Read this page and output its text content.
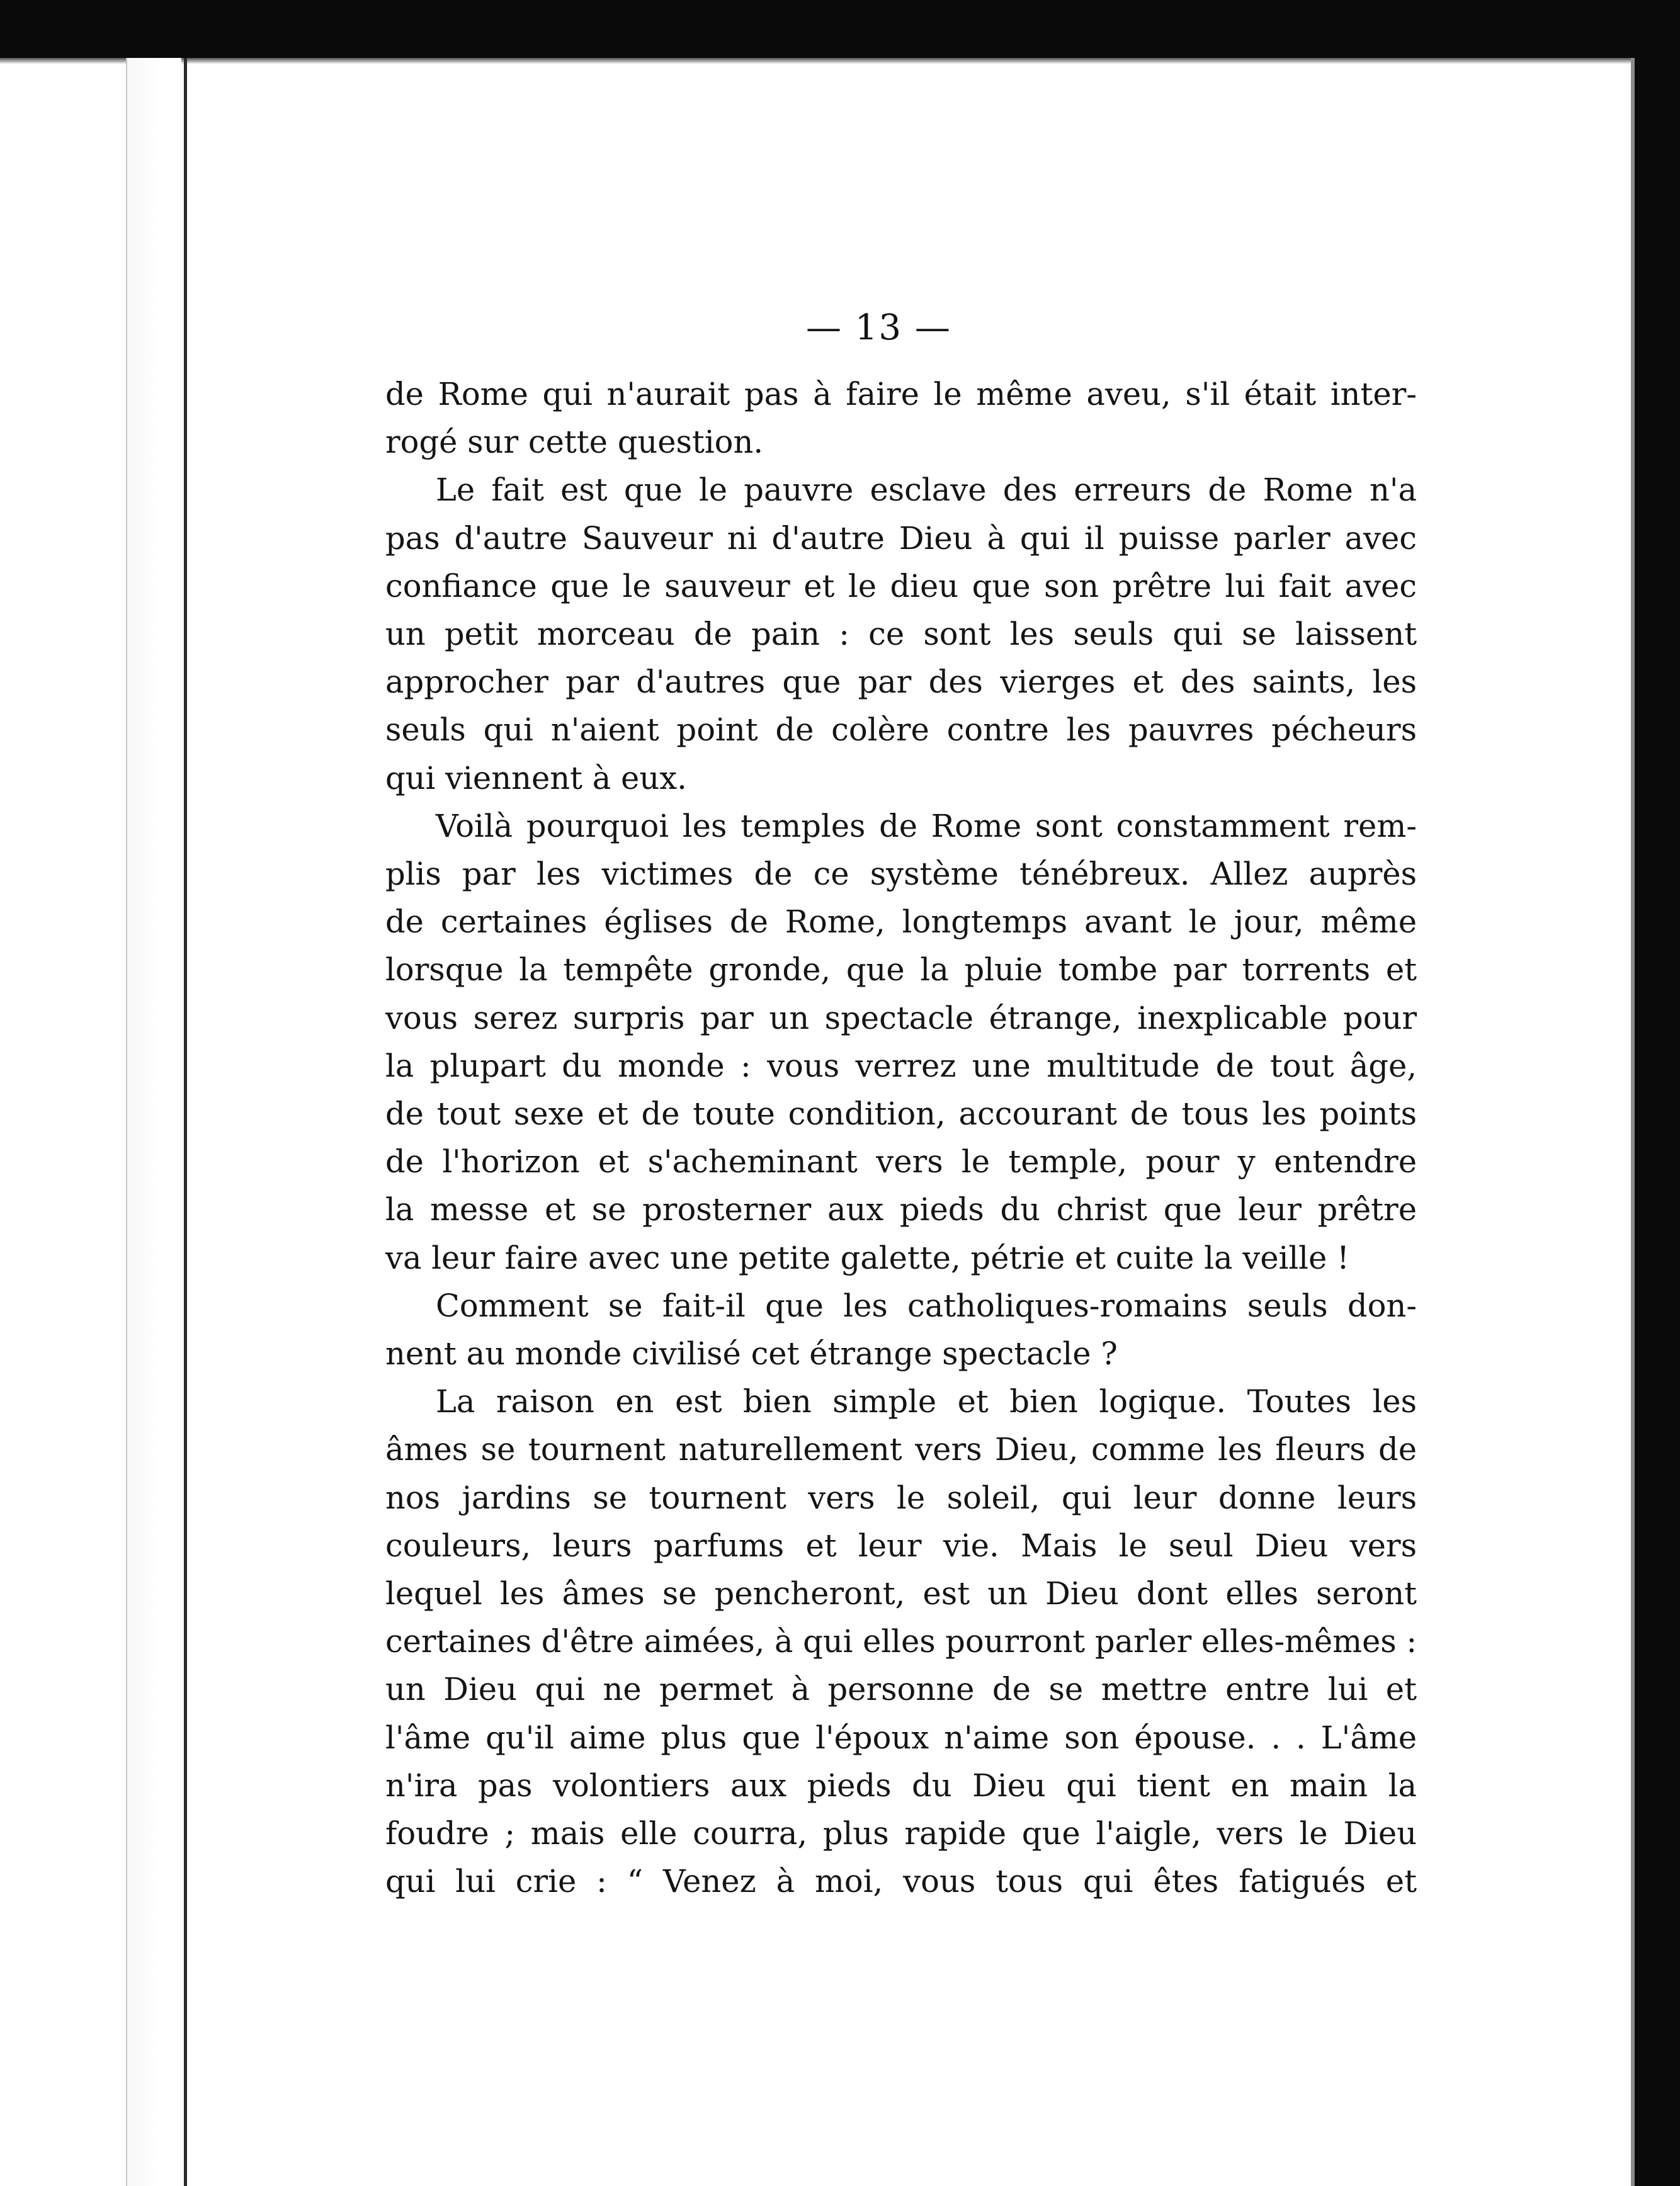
— 13 —
de Rome qui n'aurait pas à faire le même aveu, s'il était inter-
rogé sur cette question.
Le fait est que le pauvre esclave des erreurs de Rome n'a
pas d'autre Sauveur ni d'autre Dieu à qui il puisse parler avec
confiance que le sauveur et le dieu que son prêtre lui fait avec
un petit morceau de pain : ce sont les seuls qui se laissent
approcher par d'autres que par des vierges et des saints, les
seuls qui n'aient point de colère contre les pauvres pécheurs
qui viennent à eux.
Voilà pourquoi les temples de Rome sont constamment rem-
plis par les victimes de ce système ténébreux. Allez auprès
de certaines églises de Rome, longtemps avant le jour, même
lorsque la tempête gronde, que la pluie tombe par torrents et
vous serez surpris par un spectacle étrange, inexplicable pour
la plupart du monde : vous verrez une multitude de tout âge,
de tout sexe et de toute condition, accourant de tous les points
de l'horizon et s'acheminant vers le temple, pour y entendre
la messe et se prosterner aux pieds du christ que leur prêtre
va leur faire avec une petite galette, pétrie et cuite la veille !
Comment se fait-il que les catholiques-romains seuls don-
nent au monde civilisé cet étrange spectacle ?
La raison en est bien simple et bien logique. Toutes les
âmes se tournent naturellement vers Dieu, comme les fleurs de
nos jardins se tournent vers le soleil, qui leur donne leurs
couleurs, leurs parfums et leur vie. Mais le seul Dieu vers
lequel les âmes se pencheront, est un Dieu dont elles seront
certaines d'être aimées, à qui elles pourront parler elles-mêmes :
un Dieu qui ne permet à personne de se mettre entre lui et
l'âme qu'il aime plus que l'époux n'aime son épouse. . . L'âme
n'ira pas volontiers aux pieds du Dieu qui tient en main la
foudre ; mais elle courra, plus rapide que l'aigle, vers le Dieu
qui lui crie : “ Venez à moi, vous tous qui êtes fatigués et
